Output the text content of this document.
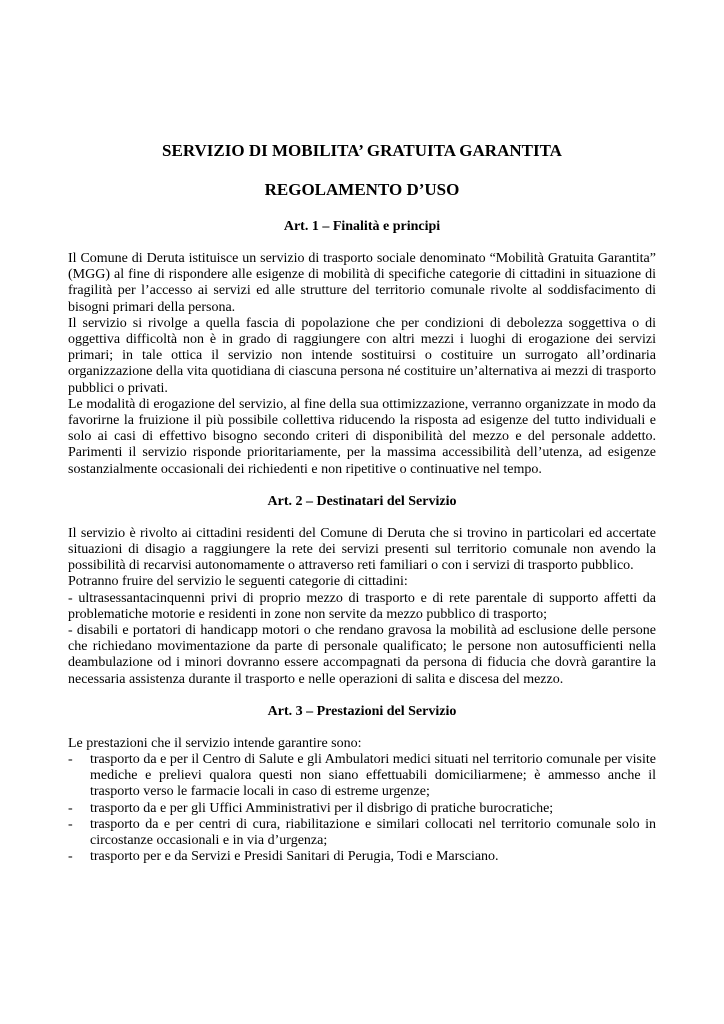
SERVIZIO DI MOBILITA’ GRATUITA GARANTITA
REGOLAMENTO D’USO
Art. 1 – Finalità e principi

Il Comune di Deruta istituisce un servizio di trasporto sociale denominato “Mobilità Gratuita Garantita” (MGG) al fine di rispondere alle esigenze di mobilità di specifiche categorie di cittadini in situazione di fragilità per l’accesso ai servizi ed alle strutture del territorio comunale rivolte al soddisfacimento di bisogni primari della persona.

Il servizio si rivolge a quella fascia di popolazione che per condizioni di debolezza soggettiva o di oggettiva difficoltà non è in grado di raggiungere con altri mezzi i luoghi di erogazione dei servizi primari; in tale ottica il servizio non intende sostituirsi o costituire un surrogato all’ordinaria organizzazione della vita quotidiana di ciascuna persona né costituire un’alternativa ai mezzi di trasporto pubblici o privati.

Le modalità di erogazione del servizio, al fine della sua ottimizzazione, verranno organizzate in modo da favorirne la fruizione il più possibile collettiva riducendo la risposta ad esigenze del tutto individuali e solo ai casi di effettivo bisogno secondo criteri di disponibilità del mezzo e del personale addetto. Parimenti il servizio risponde prioritariamente, per la massima accessibilità dell’utenza, ad esigenze sostanzialmente occasionali dei richiedenti e non ripetitive o continuative nel tempo.

Art. 2 – Destinatari del Servizio

Il servizio è rivolto ai cittadini residenti del Comune di Deruta che si trovino in particolari ed accertate situazioni di disagio a raggiungere la rete dei servizi presenti sul territorio comunale non avendo la possibilità di recarvisi autonomamente o attraverso reti familiari o con i servizi di trasporto pubblico.

Potranno fruire del servizio le seguenti categorie di cittadini:

- ultrasessantacinquenni privi di proprio mezzo di trasporto e di rete parentale di supporto affetti da problematiche motorie e residenti in zone non servite da mezzo pubblico di trasporto;

- disabili e portatori di handicapp motori o che rendano gravosa la mobilità ad esclusione delle persone che richiedano movimentazione da parte di personale qualificato; le persone non autosufficienti nella deambulazione od i minori dovranno essere accompagnati da persona di fiducia che dovrà garantire la necessaria assistenza durante il trasporto e nelle operazioni di salita e discesa del mezzo.

Art. 3 – Prestazioni del Servizio

Le prestazioni che il servizio intende garantire sono:

- trasporto da e per il Centro di Salute e gli Ambulatori medici situati nel territorio comunale per visite mediche e prelievi qualora questi non siano effettuabili domiciliarmene; è ammesso anche il trasporto verso le farmacie locali in caso di estreme urgenze;
- trasporto da e per gli Uffici Amministrativi per il disbrigo di pratiche burocratiche;
- trasporto da e per centri di cura, riabilitazione e similari collocati nel territorio comunale solo in circostanze occasionali e in via d’urgenza;
- trasporto per e da Servizi e Presidi Sanitari di Perugia, Todi e Marsciano.
